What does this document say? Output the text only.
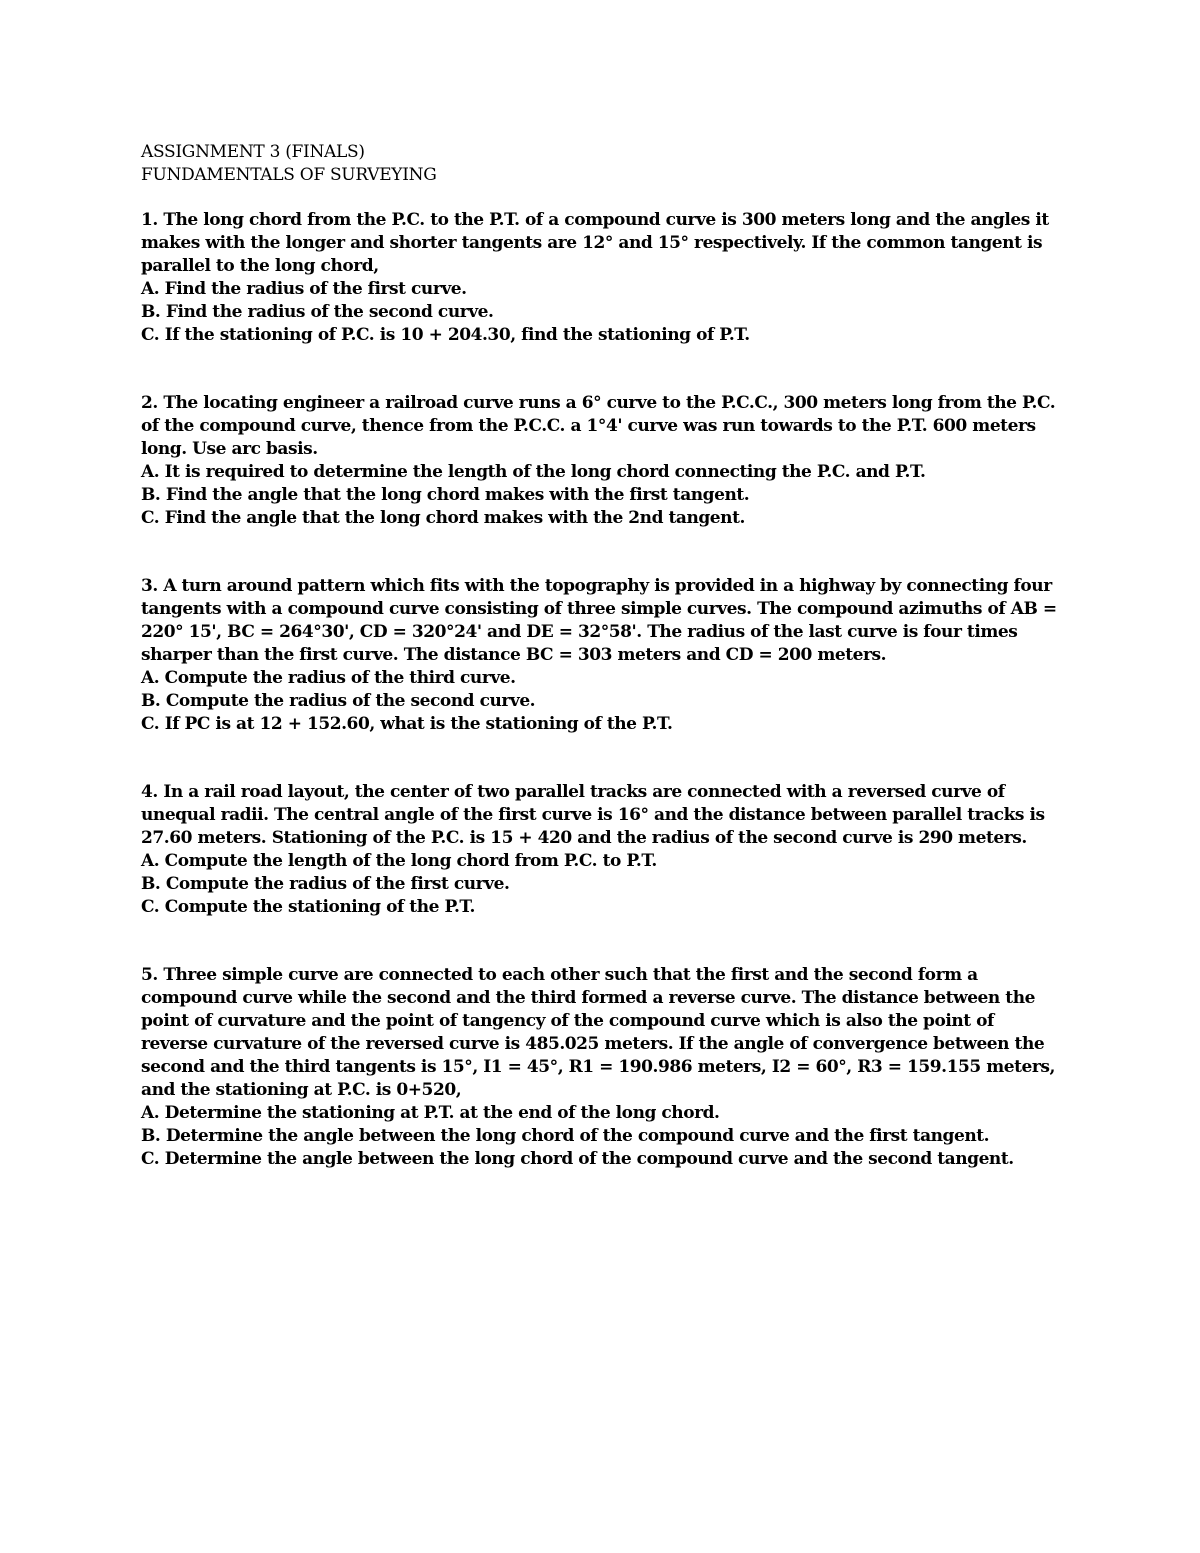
ASSIGNMENT 3 (FINALS)
FUNDAMENTALS OF SURVEYING

1. The long chord from the P.C. to the P.T. of a compound curve is 300 meters long and the angles it makes with the longer and shorter tangents are 12° and 15° respectively. If the common tangent is parallel to the long chord,

A. Find the radius of the first curve.

B. Find the radius of the second curve.

C. If the stationing of P.C. is 10 + 204.30, find the stationing of P.T.

2. The locating engineer a railroad curve runs a 6° curve to the P.C.C., 300 meters long from the P.C. of the compound curve, thence from the P.C.C. a 1°4' curve was run towards to the P.T. 600 meters long. Use arc basis.

A. It is required to determine the length of the long chord connecting the P.C. and P.T.

B. Find the angle that the long chord makes with the first tangent.

C. Find the angle that the long chord makes with the 2nd tangent.

3. A turn around pattern which fits with the topography is provided in a highway by connecting four tangents with a compound curve consisting of three simple curves. The compound azimuths of AB = 220° 15', BC = 264°30', CD = 320°24' and DE = 32°58'. The radius of the last curve is four times sharper than the first curve. The distance BC = 303 meters and CD = 200 meters.

A. Compute the radius of the third curve.

B. Compute the radius of the second curve.

C. If PC is at 12 + 152.60, what is the stationing of the P.T.

4. In a rail road layout, the center of two parallel tracks are connected with a reversed curve of unequal radii. The central angle of the first curve is 16° and the distance between parallel tracks is 27.60 meters. Stationing of the P.C. is 15 + 420 and the radius of the second curve is 290 meters.

A. Compute the length of the long chord from P.C. to P.T.

B. Compute the radius of the first curve.

C. Compute the stationing of the P.T.

5. Three simple curve are connected to each other such that the first and the second form a compound curve while the second and the third formed a reverse curve. The distance between the point of curvature and the point of tangency of the compound curve which is also the point of reverse curvature of the reversed curve is 485.025 meters. If the angle of convergence between the second and the third tangents is 15°, I1 = 45°, R1 = 190.986 meters, I2 = 60°, R3 = 159.155 meters, and the stationing at P.C. is 0+520,

A. Determine the stationing at P.T. at the end of the long chord.

B. Determine the angle between the long chord of the compound curve and the first tangent.

C. Determine the angle between the long chord of the compound curve and the second tangent.
